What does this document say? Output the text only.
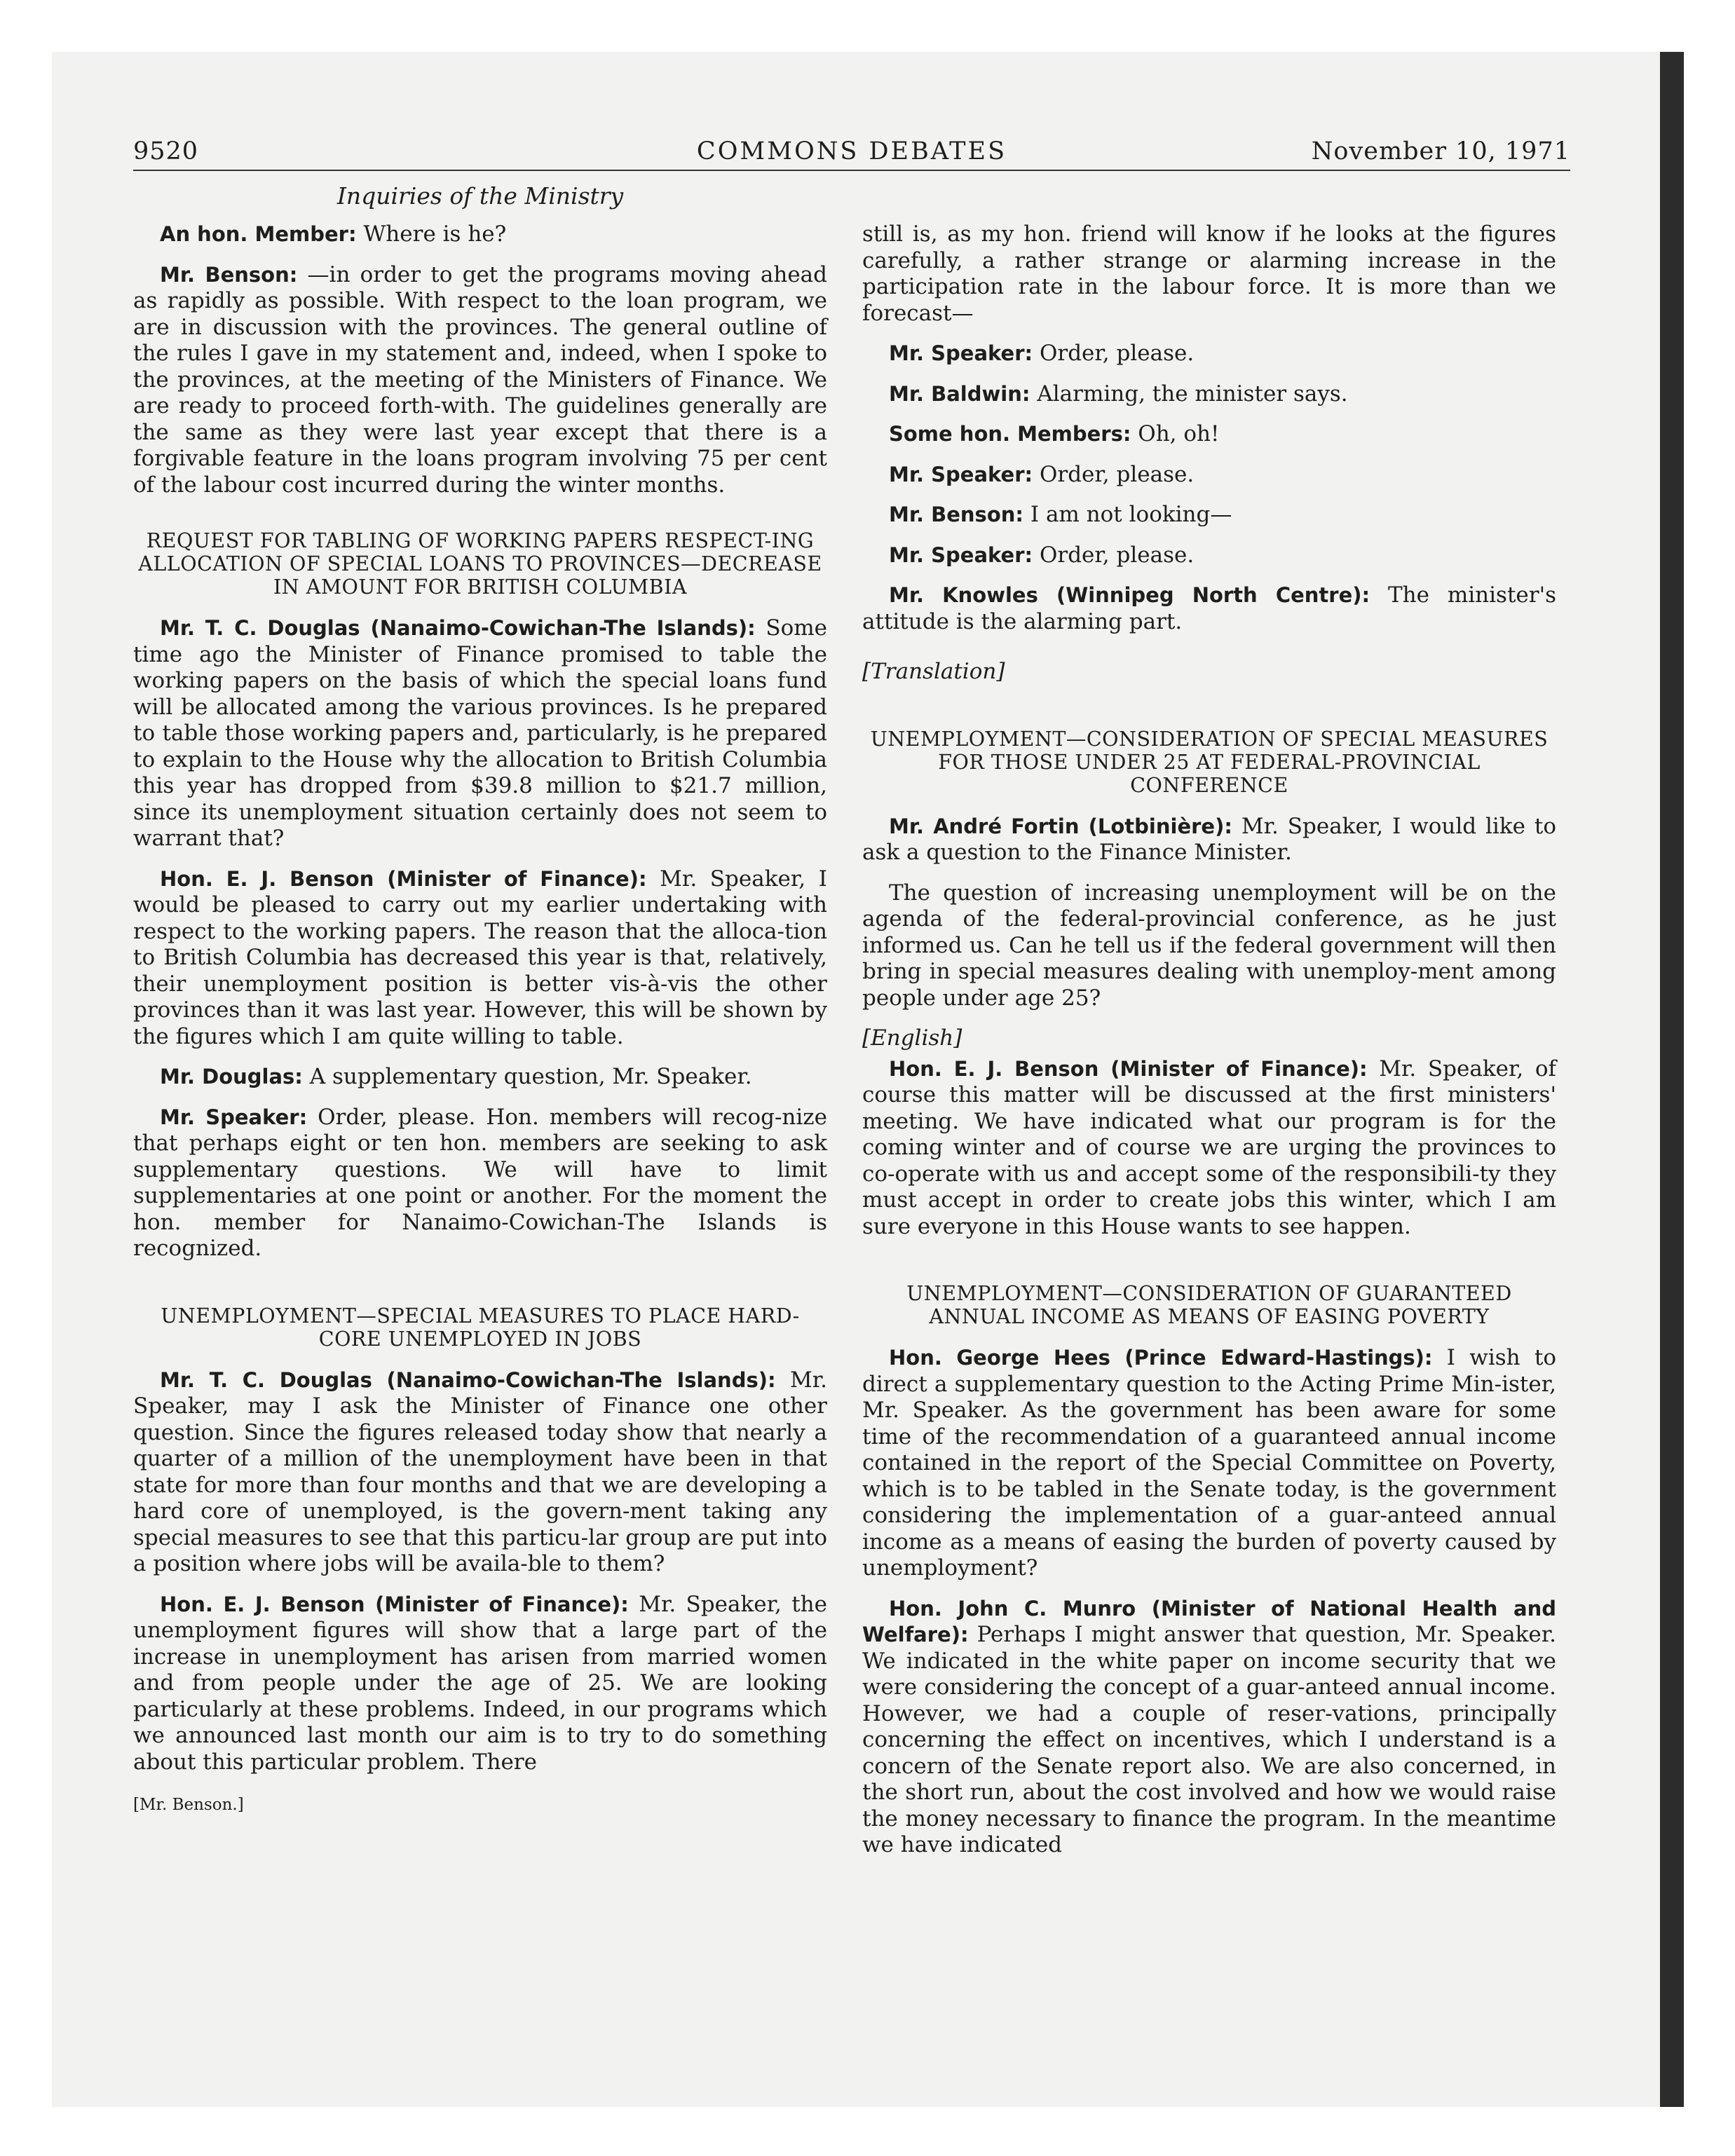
9520	COMMONS DEBATES	November 10, 1971
Inquiries of the Ministry

An hon. Member: Where is he?

Mr. Benson: —in order to get the programs moving ahead as rapidly as possible. With respect to the loan program, we are in discussion with the provinces. The general outline of the rules I gave in my statement and, indeed, when I spoke to the provinces, at the meeting of the Ministers of Finance. We are ready to proceed forth-with. The guidelines generally are the same as they were last year except that there is a forgivable feature in the loans program involving 75 per cent of the labour cost incurred during the winter months.

REQUEST FOR TABLING OF WORKING PAPERS RESPECT-ING ALLOCATION OF SPECIAL LOANS TO PROVINCES—DECREASE IN AMOUNT FOR BRITISH COLUMBIA

Mr. T. C. Douglas (Nanaimo-Cowichan-The Islands): Some time ago the Minister of Finance promised to table the working papers on the basis of which the special loans fund will be allocated among the various provinces. Is he prepared to table those working papers and, particularly, is he prepared to explain to the House why the allocation to British Columbia this year has dropped from $39.8 million to $21.7 million, since its unemployment situation certainly does not seem to warrant that?

Hon. E. J. Benson (Minister of Finance): Mr. Speaker, I would be pleased to carry out my earlier undertaking with respect to the working papers. The reason that the alloca-tion to British Columbia has decreased this year is that, relatively, their unemployment position is better vis-à-vis the other provinces than it was last year. However, this will be shown by the figures which I am quite willing to table.

Mr. Douglas: A supplementary question, Mr. Speaker.

Mr. Speaker: Order, please. Hon. members will recog-nize that perhaps eight or ten hon. members are seeking to ask supplementary questions. We will have to limit supplementaries at one point or another. For the moment the hon. member for Nanaimo-Cowichan-The Islands is recognized.

UNEMPLOYMENT—SPECIAL MEASURES TO PLACE HARD-CORE UNEMPLOYED IN JOBS

Mr. T. C. Douglas (Nanaimo-Cowichan-The Islands): Mr. Speaker, may I ask the Minister of Finance one other question. Since the figures released today show that nearly a quarter of a million of the unemployment have been in that state for more than four months and that we are developing a hard core of unemployed, is the govern-ment taking any special measures to see that this particu-lar group are put into a position where jobs will be availa-ble to them?

Hon. E. J. Benson (Minister of Finance): Mr. Speaker, the unemployment figures will show that a large part of the increase in unemployment has arisen from married women and from people under the age of 25. We are looking particularly at these problems. Indeed, in our programs which we announced last month our aim is to try to do something about this particular problem. There

[Mr. Benson.]

still is, as my hon. friend will know if he looks at the figures carefully, a rather strange or alarming increase in the participation rate in the labour force. It is more than we forecast—

Mr. Speaker: Order, please.

Mr. Baldwin: Alarming, the minister says.

Some hon. Members: Oh, oh!

Mr. Speaker: Order, please.

Mr. Benson: I am not looking—

Mr. Speaker: Order, please.

Mr. Knowles (Winnipeg North Centre): The minister's attitude is the alarming part.

[Translation]
UNEMPLOYMENT—CONSIDERATION OF SPECIAL MEASURES FOR THOSE UNDER 25 AT FEDERAL-PROVINCIAL CONFERENCE

Mr. André Fortin (Lotbinière): Mr. Speaker, I would like to ask a question to the Finance Minister.

The question of increasing unemployment will be on the agenda of the federal-provincial conference, as he just informed us. Can he tell us if the federal government will then bring in special measures dealing with unemploy-ment among people under age 25?

[English]

Hon. E. J. Benson (Minister of Finance): Mr. Speaker, of course this matter will be discussed at the first ministers' meeting. We have indicated what our program is for the coming winter and of course we are urging the provinces to co-operate with us and accept some of the responsibili-ty they must accept in order to create jobs this winter, which I am sure everyone in this House wants to see happen.

UNEMPLOYMENT—CONSIDERATION OF GUARANTEED ANNUAL INCOME AS MEANS OF EASING POVERTY

Hon. George Hees (Prince Edward-Hastings): I wish to direct a supplementary question to the Acting Prime Min-ister, Mr. Speaker. As the government has been aware for some time of the recommendation of a guaranteed annual income contained in the report of the Special Committee on Poverty, which is to be tabled in the Senate today, is the government considering the implementation of a guar-anteed annual income as a means of easing the burden of poverty caused by unemployment?

Hon. John C. Munro (Minister of National Health and Welfare): Perhaps I might answer that question, Mr. Speaker. We indicated in the white paper on income security that we were considering the concept of a guar-anteed annual income. However, we had a couple of reser-vations, principally concerning the effect on incentives, which I understand is a concern of the Senate report also. We are also concerned, in the short run, about the cost involved and how we would raise the money necessary to finance the program. In the meantime we have indicated
